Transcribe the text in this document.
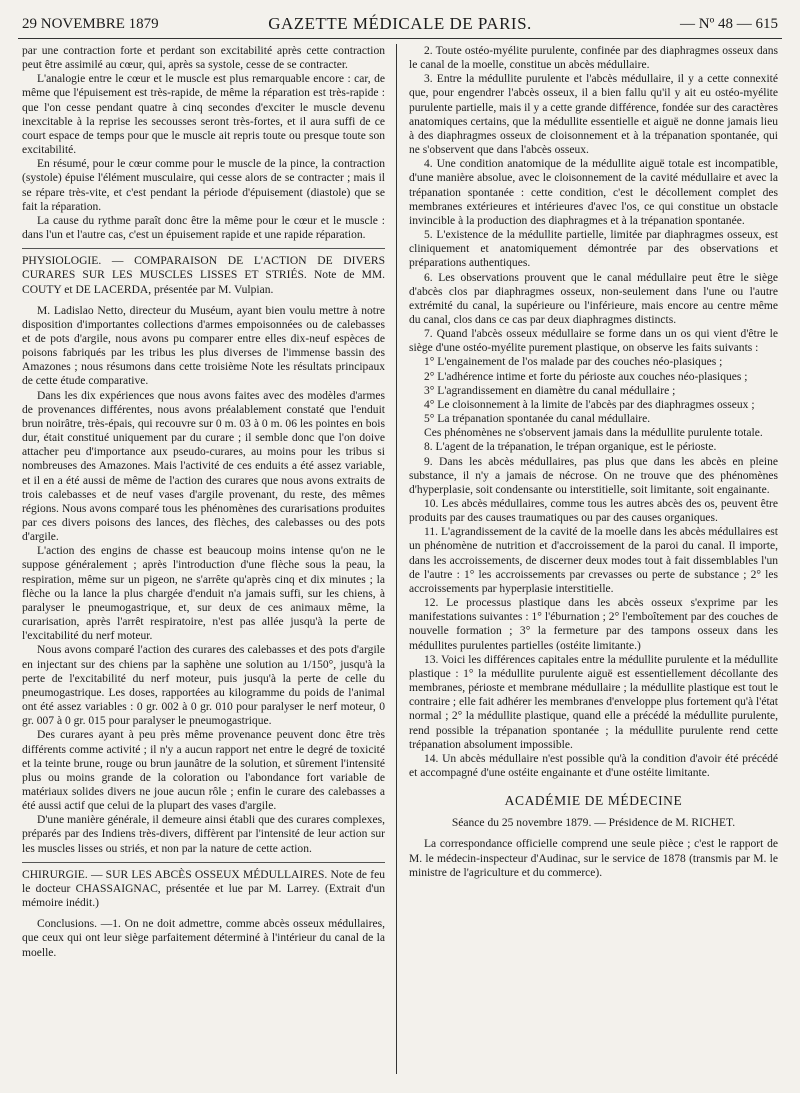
29 NOVEMBRE 1879	GAZETTE MÉDICALE DE PARIS.	— Nº 48 — 615

par une contraction forte et perdant son excitabilité après cette contraction peut être assimilé au cœur, qui, après sa systole, cesse de se contracter.

L'analogie entre le cœur et le muscle est plus remarquable encore : car, de même que l'épuisement est très-rapide, de même la réparation est très-rapide : que l'on cesse pendant quatre à cinq secondes d'exciter le muscle devenu inexcitable à la reprise les secousses seront très-fortes, et il aura suffi de ce court espace de temps pour que le muscle ait repris toute ou presque toute son excitabilité.

En résumé, pour le cœur comme pour le muscle de la pince, la contraction (systole) épuise l'élément musculaire, qui cesse alors de se contracter ; mais il se répare très-vite, et c'est pendant la période d'épuisement (diastole) que se fait la réparation.

La cause du rythme paraît donc être la même pour le cœur et le muscle : dans l'un et l'autre cas, c'est un épuisement rapide et une rapide réparation.

PHYSIOLOGIE. — COMPARAISON DE L'ACTION DE DIVERS CURARES SUR LES MUSCLES LISSES ET STRIÉS. Note de MM. COUTY et DE LACERDA, présentée par M. Vulpian.

M. Ladislao Netto, directeur du Muséum, ayant bien voulu mettre à notre disposition d'importantes collections d'armes empoisonnées ou de calebasses et de pots d'argile, nous avons pu comparer entre elles dix-neuf espèces de poisons fabriqués par les tribus les plus diverses de l'immense bassin des Amazones ; nous résumons dans cette troisième Note les résultats principaux de cette étude comparative.

Dans les dix expériences que nous avons faites avec des modèles d'armes de provenances différentes, nous avons préalablement constaté que l'enduit brun noirâtre, très-épais, qui recouvre sur 0 m. 03 à 0 m. 06 les pointes en bois dur, était constitué uniquement par du curare ; il semble donc que l'on doive attacher peu d'importance aux pseudo-curares, au moins pour les tribus si nombreuses des Amazones. Mais l'activité de ces enduits a été assez variable, et il en a été aussi de même de l'action des curares que nous avons extraits de trois calebasses et de neuf vases d'argile provenant, du reste, des mêmes régions. Nous avons comparé tous les phénomènes des curarisations produites par ces divers poisons des lances, des flèches, des calebasses ou des pots d'argile.

L'action des engins de chasse est beaucoup moins intense qu'on ne le suppose généralement ; après l'introduction d'une flèche sous la peau, la respiration, même sur un pigeon, ne s'arrête qu'après cinq et dix minutes ; la flèche ou la lance la plus chargée d'enduit n'a jamais suffi, sur les chiens, à paralyser le pneumogastrique, et, sur deux de ces animaux même, la curarisation, après l'arrêt respiratoire, n'est pas allée jusqu'à la perte de l'excitabilité du nerf moteur.

Nous avons comparé l'action des curares des calebasses et des pots d'argile en injectant sur des chiens par la saphène une solution au 1/150°, jusqu'à la perte de l'excitabilité du nerf moteur, puis jusqu'à la perte de celle du pneumogastrique. Les doses, rapportées au kilogramme du poids de l'animal ont été assez variables : 0 gr. 002 à 0 gr. 010 pour paralyser le nerf moteur, 0 gr. 007 à 0 gr. 015 pour paralyser le pneumogastrique.

Des curares ayant à peu près même provenance peuvent donc être très différents comme activité ; il n'y a aucun rapport net entre le degré de toxicité et la teinte brune, rouge ou brun jaunâtre de la solution, et sûrement l'intensité plus ou moins grande de la coloration ou l'abondance fort variable de matériaux solides divers ne joue aucun rôle ; enfin le curare des calebasses a été aussi actif que celui de la plupart des vases d'argile.

D'une manière générale, il demeure ainsi établi que des curares complexes, préparés par des Indiens très-divers, diffèrent par l'intensité de leur action sur les muscles lisses ou striés, et non par la nature de cette action.

CHIRURGIE. — SUR LES ABCÈS OSSEUX MÉDULLAIRES. Note de feu le docteur CHASSAIGNAC, présentée et lue par M. Larrey. (Extrait d'un mémoire inédit.)

Conclusions. —1. On ne doit admettre, comme abcès osseux médullaires, que ceux qui ont leur siège parfaitement déterminé à l'intérieur du canal de la moelle.

2. Toute ostéo-myélite purulente, confinée par des diaphragmes osseux dans le canal de la moelle, constitue un abcès médullaire.

3. Entre la médullite purulente et l'abcès médullaire, il y a cette connexité que, pour engendrer l'abcès osseux, il a bien fallu qu'il y ait eu ostéo-myélite purulente partielle, mais il y a cette grande différence, fondée sur des caractères anatomiques certains, que la médullite essentielle et aiguë ne donne jamais lieu à des diaphragmes osseux de cloisonnement et à la trépanation spontanée, qui ne s'observent que dans l'abcès osseux.

4. Une condition anatomique de la médullite aiguë totale est incompatible, d'une manière absolue, avec le cloisonnement de la cavité médullaire et avec la trépanation spontanée : cette condition, c'est le décollement complet des membranes extérieures et intérieures d'avec l'os, ce qui constitue un obstacle invincible à la production des diaphragmes et à la trépanation spontanée.

5. L'existence de la médullite partielle, limitée par diaphragmes osseux, est cliniquement et anatomiquement démontrée par des observations et préparations authentiques.

6. Les observations prouvent que le canal médullaire peut être le siège d'abcès clos par diaphragmes osseux, non-seulement dans l'une ou l'autre extrémité du canal, la supérieure ou l'inférieure, mais encore au centre même du canal, clos dans ce cas par deux diaphragmes distincts.

7. Quand l'abcès osseux médullaire se forme dans un os qui vient d'être le siège d'une ostéo-myélite purement plastique, on observe les faits suivants :

1° L'engainement de l'os malade par des couches néo-plasiques ;

2° L'adhérence intime et forte du périoste aux couches néo-plasiques ;

3° L'agrandissement en diamètre du canal médullaire ;

4° Le cloisonnement à la limite de l'abcès par des diaphragmes osseux ;

5° La trépanation spontanée du canal médullaire.

Ces phénomènes ne s'observent jamais dans la médullite purulente totale.

8. L'agent de la trépanation, le trépan organique, est le périoste.

9. Dans les abcès médullaires, pas plus que dans les abcès en pleine substance, il n'y a jamais de nécrose. On ne trouve que des phénomènes d'hyperplasie, soit condensante ou interstitielle, soit limitante, soit engainante.

10. Les abcès médullaires, comme tous les autres abcès des os, peuvent être produits par des causes traumatiques ou par des causes organiques.

11. L'agrandissement de la cavité de la moelle dans les abcès médullaires est un phénomène de nutrition et d'accroissement de la paroi du canal. Il importe, dans les accroissements, de discerner deux modes tout à fait dissemblables l'un de l'autre : 1° les accroissements par crevasses ou perte de substance ; 2° les accroissements par hyperplasie interstitielle.

12. Le processus plastique dans les abcès osseux s'exprime par les manifestations suivantes : 1° l'éburnation ; 2° l'emboîtement par des couches de nouvelle formation ; 3° la fermeture par des tampons osseux dans les médullites purulentes partielles (ostéite limitante.)

13. Voici les différences capitales entre la médullite purulente et la médullite plastique : 1° la médullite purulente aiguë est essentiellement décollante des membranes, périoste et membrane médullaire ; la médullite plastique est tout le contraire ; elle fait adhérer les membranes d'enveloppe plus fortement qu'à l'état normal ; 2° la médullite plastique, quand elle a précédé la médullite purulente, rend possible la trépanation spontanée ; la médullite purulente rend cette trépanation absolument impossible.

14. Un abcès médullaire n'est possible qu'à la condition d'avoir été précédé et accompagné d'une ostéite engainante et d'une ostéite limitante.

ACADÉMIE DE MÉDECINE

Séance du 25 novembre 1879. — Présidence de M. RICHET.

La correspondance officielle comprend une seule pièce ; c'est le rapport de M. le médecin-inspecteur d'Audinac, sur le service de 1878 (transmis par M. le ministre de l'agriculture et du commerce).
